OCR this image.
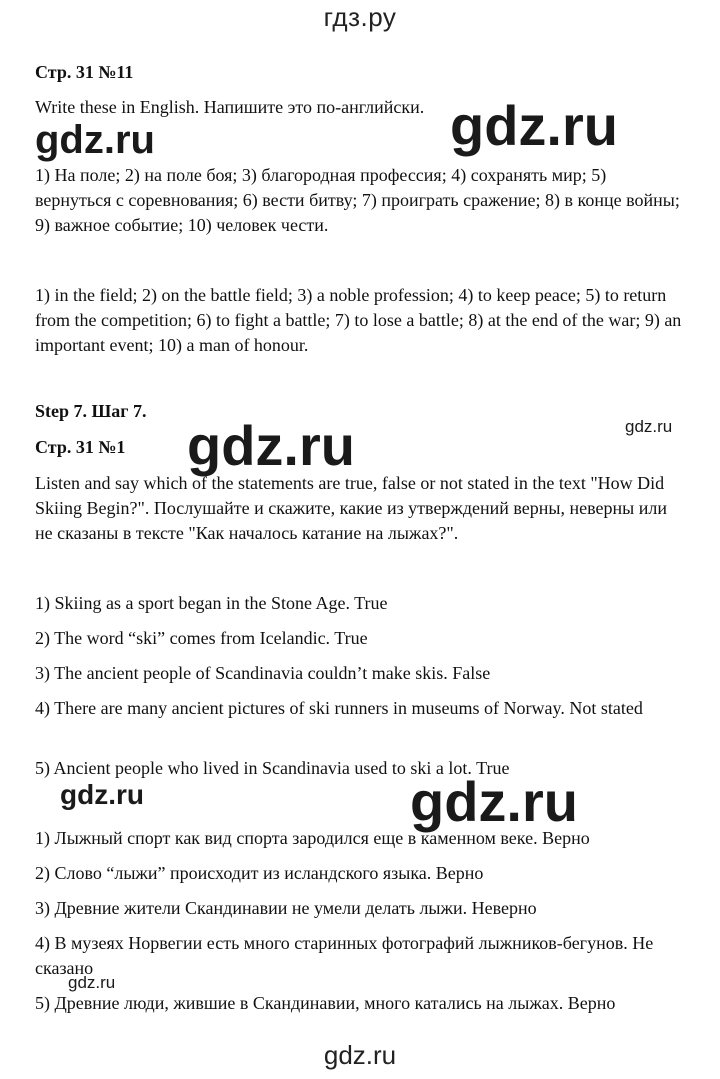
гдз.ру
Стр. 31 №11
Write these in English. Напишите это по-английски.
1) На поле; 2) на поле боя; 3) благородная профессия; 4) сохранять мир; 5) вернуться с соревнования; 6) вести битву; 7) проиграть сражение; 8) в конце войны; 9) важное событие; 10) человек чести.
1) in the field; 2) on the battle field; 3) a noble profession; 4) to keep peace; 5) to return from the competition; 6) to fight a battle; 7) to lose a battle; 8) at the end of the war; 9) an important event; 10) a man of honour.
Step 7. Шаг 7.
Стр. 31 №1
Listen and say which of the statements are true, false or not stated in the text "How Did Skiing Begin?". Послушайте и скажите, какие из утверждений верны, неверны или не сказаны в тексте "Как началось катание на лыжах?".
1) Skiing as a sport began in the Stone Age. True
2) The word “ski” comes from Icelandic. True
3) The ancient people of Scandinavia couldn’t make skis. False
4) There are many ancient pictures of ski runners in museums of Norway. Not stated
5) Ancient people who lived in Scandinavia used to ski a lot. True
1) Лыжный спорт как вид спорта зародился еще в каменном веке. Верно
2) Слово “лыжи” происходит из исландского языка. Верно
3) Древние жители Скандинавии не умели делать лыжи. Неверно
4) В музеях Норвегии есть много старинных фотографий лыжников-бегунов. Не сказано
5) Древние люди, жившие в Скандинавии, много катались на лыжах. Верно
gdz.ru	gdz.ru
gdz.ru
gdz.ru
gdz.ru	gdz.ru
gdz.ru
gdz.ru
